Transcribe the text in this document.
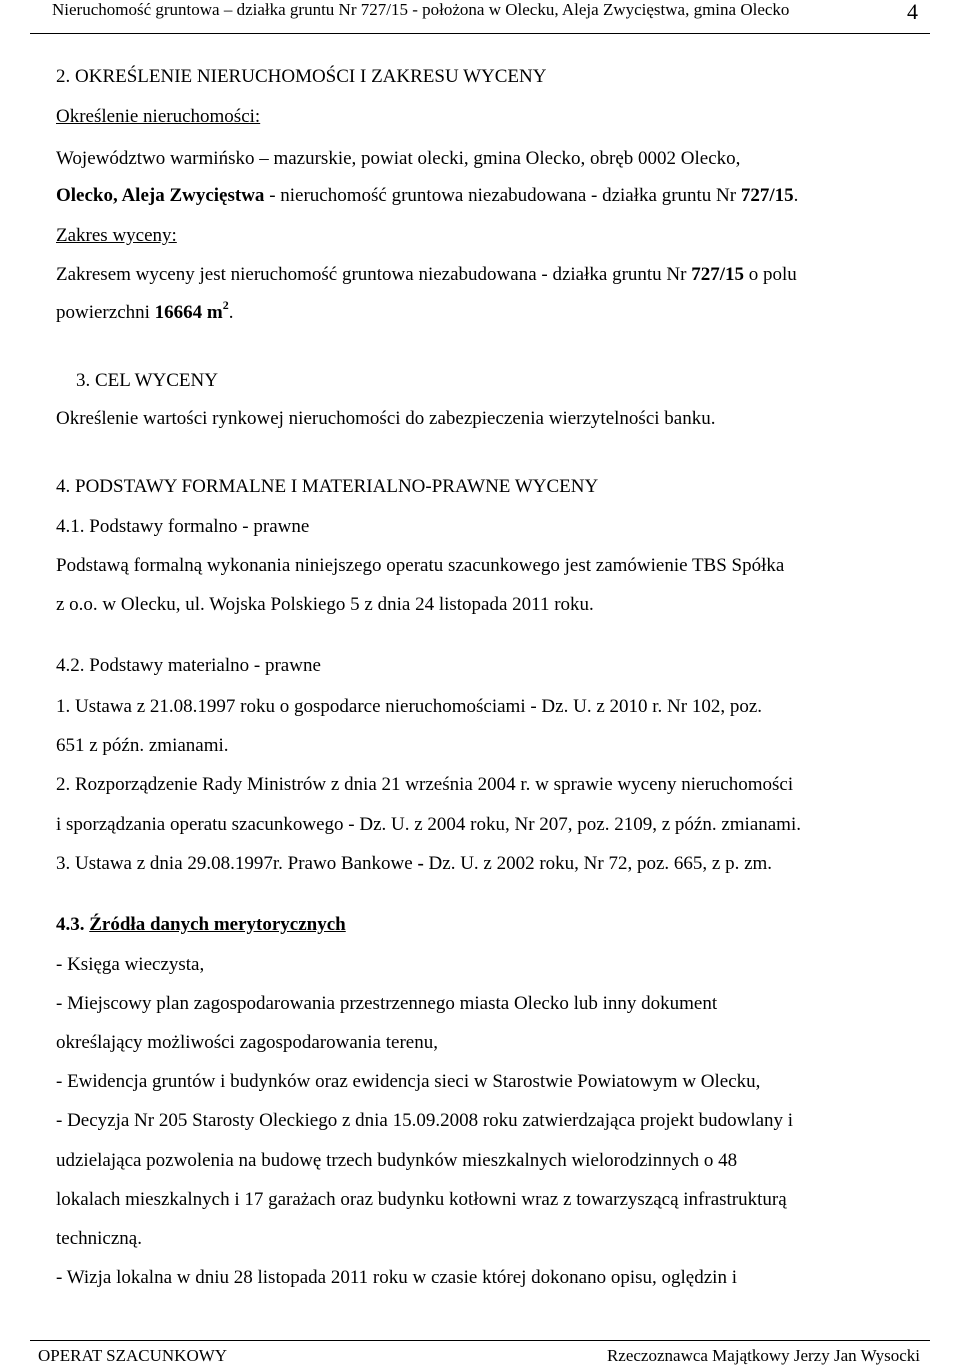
Nieruchomość gruntowa – działka gruntu Nr 727/15 - położona w Olecku, Aleja Zwycięstwa, gmina Olecko	4
2. OKREŚLENIE NIERUCHOMOŚCI I ZAKRESU WYCENY
Określenie nieruchomości:
Województwo warmińsko – mazurskie, powiat olecki, gmina Olecko, obręb 0002 Olecko,
Olecko, Aleja Zwycięstwa - nieruchomość gruntowa niezabudowana - działka gruntu Nr 727/15.
Zakres wyceny:
Zakresem wyceny jest nieruchomość gruntowa niezabudowana - działka gruntu Nr 727/15 o polu
powierzchni 16664 $m^2$.
3. CEL WYCENY
Określenie wartości rynkowej nieruchomości do zabezpieczenia wierzytelności banku.
4. PODSTAWY FORMALNE I MATERIALNO-PRAWNE WYCENY
4.1. Podstawy formalno - prawne
Podstawą formalną wykonania niniejszego operatu szacunkowego jest zamówienie TBS Spółka
z o.o. w Olecku, ul. Wojska Polskiego 5 z dnia 24 listopada 2011 roku.
4.2. Podstawy materialno - prawne
1. Ustawa z 21.08.1997 roku o gospodarce nieruchomościami - Dz. U. z 2010 r. Nr 102, poz.
651 z późn. zmianami.
2. Rozporządzenie Rady Ministrów z dnia 21 września 2004 r. w sprawie wyceny nieruchomości
i sporządzania operatu szacunkowego - Dz. U. z 2004 roku, Nr 207, poz. 2109, z późn. zmianami.
3. Ustawa z dnia 29.08.1997r. Prawo Bankowe - Dz. U. z 2002 roku, Nr 72, poz. 665, z p. zm.
4.3. Źródła danych merytorycznych
- Księga wieczysta,
- Miejscowy plan zagospodarowania przestrzennego miasta Olecko lub inny dokument
określający możliwości zagospodarowania terenu,
- Ewidencja gruntów i budynków oraz ewidencja sieci w Starostwie Powiatowym w Olecku,
- Decyzja Nr 205 Starosty Oleckiego z dnia 15.09.2008 roku zatwierdzająca projekt budowlany i
udzielająca pozwolenia na budowę trzech budynków mieszkalnych wielorodzinnych o 48
lokalach mieszkalnych i 17 garażach oraz budynku kotłowni wraz z towarzyszącą infrastrukturą
techniczną.
- Wizja lokalna w dniu 28 listopada 2011 roku w czasie której dokonano opisu, oględzin i
OPERAT SZACUNKOWY	Rzeczoznawca Majątkowy Jerzy Jan Wysocki
